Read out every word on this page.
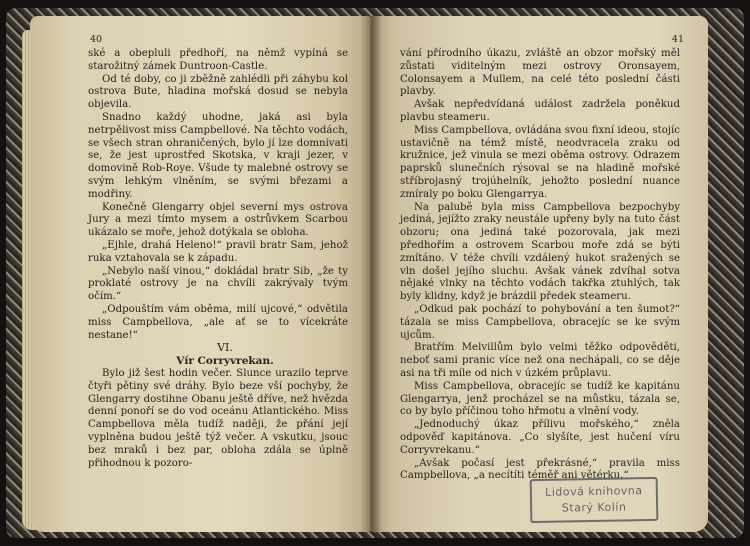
40

ské a obepluli předhoří, na němž vypíná se starožitný zámek Duntroon-Castle.

Od té doby, co ji zběžně zahlédli při záhybu kol ostrova Bute, hladina mořská dosud se nebyla objevila.

Snadno každý uhodne, jaká asi byla netrpělivost miss Campbellové. Na těchto vodách, se všech stran ohraničených, bylo jí lze domnívati se, že jest uprostřed Skotska, v kraji jezer, v domovině Rob-Roye. Všude ty malebné ostrovy se svým lehkým vlněním, se svými březami a modřiny.

Konečně Glengarry objel severní mys ostrova Jury a mezi tímto mysem a ostrůvkem Scarbou ukázalo se moře, jehož dotýkala se obloha.

„Ejhle, drahá Heleno!“ pravil bratr Sam, jehož ruka vztahovala se k západu.

„Nebylo naší vinou,“ dokládal bratr Sib, „že ty proklaté ostrovy je na chvíli zakrývaly tvým očím.“

„Odpouštím vám oběma, milí ujcové,“ odvětila miss Campbellova, „ale ať se to vícekráte nestane!“

VI.

Vír Corryvrekan.

Bylo již šest hodin večer. Slunce urazilo teprve čtyři pětiny své dráhy. Bylo beze vší pochyby, že Glengarry dostihne Obanu ještě dříve, než hvězda denní ponoří se do vod oceánu Atlantického. Miss Campbellova měla tudíž naději, že přání její vyplněna budou ještě týž večer. A vskutku, jsouc bez mraků i bez par, obloha zdála se úplně přihodnou k pozoro-

41

vání přírodního úkazu, zvláště an obzor mořský měl zůstati viditelným mezi ostrovy Oronsayem, Colonsayem a Mullem, na celé této poslední části plavby.

Avšak nepředvídaná událost zadržela poněkud plavbu steameru.

Miss Campbellova, ovládána svou fixní ideou, stojíc ustavičně na témž místě, neodvracela zraku od kružnice, jež vinula se mezi oběma ostrovy. Odrazem paprsků slunečních rýsoval se na hladině mořské stříbrojasný trojúhelník, jehožto poslední nuance zmíraly po boku Glengarrya.

Na palubě byla miss Campbellova bezpochyby jediná, jejížto zraky neustále upřeny byly na tuto část obzoru; ona jediná také pozorovala, jak mezi předhořím a ostrovem Scarbou moře zdá se býti zmítáno. V téže chvíli vzdálený hukot sražených se vln došel jejího sluchu. Avšak vánek zdvíhal sotva nějaké vlnky na těchto vodách takřka ztuhlých, tak byly klidny, když je brázdil předek steameru.

„Odkud pak pochází to pohybování a ten šumot?“ tázala se miss Campbellova, obracejíc se ke svým ujcům.

Bratřím Melvillům bylo velmi těžko odpověděti, neboť sami pranic více než ona nechápali, co se děje asi na tři míle od nich v úzkém průplavu.

Miss Campbellova, obracejíc se tudíž ke kapitánu Glengarrya, jenž procházel se na můstku, tázala se, co by bylo příčinou toho hřmotu a vlnění vody.

„Jednoduchý úkaz přílivu mořského,“ zněla odpověď kapitánova. „Co slyšíte, jest hučení víru Corryvrekanu.“

„Avšak počasí jest překrásné,“ pravila miss Campbellova, „a necítíti téměř ani větérku.“

Lidová knihovna
Starý Kolín
